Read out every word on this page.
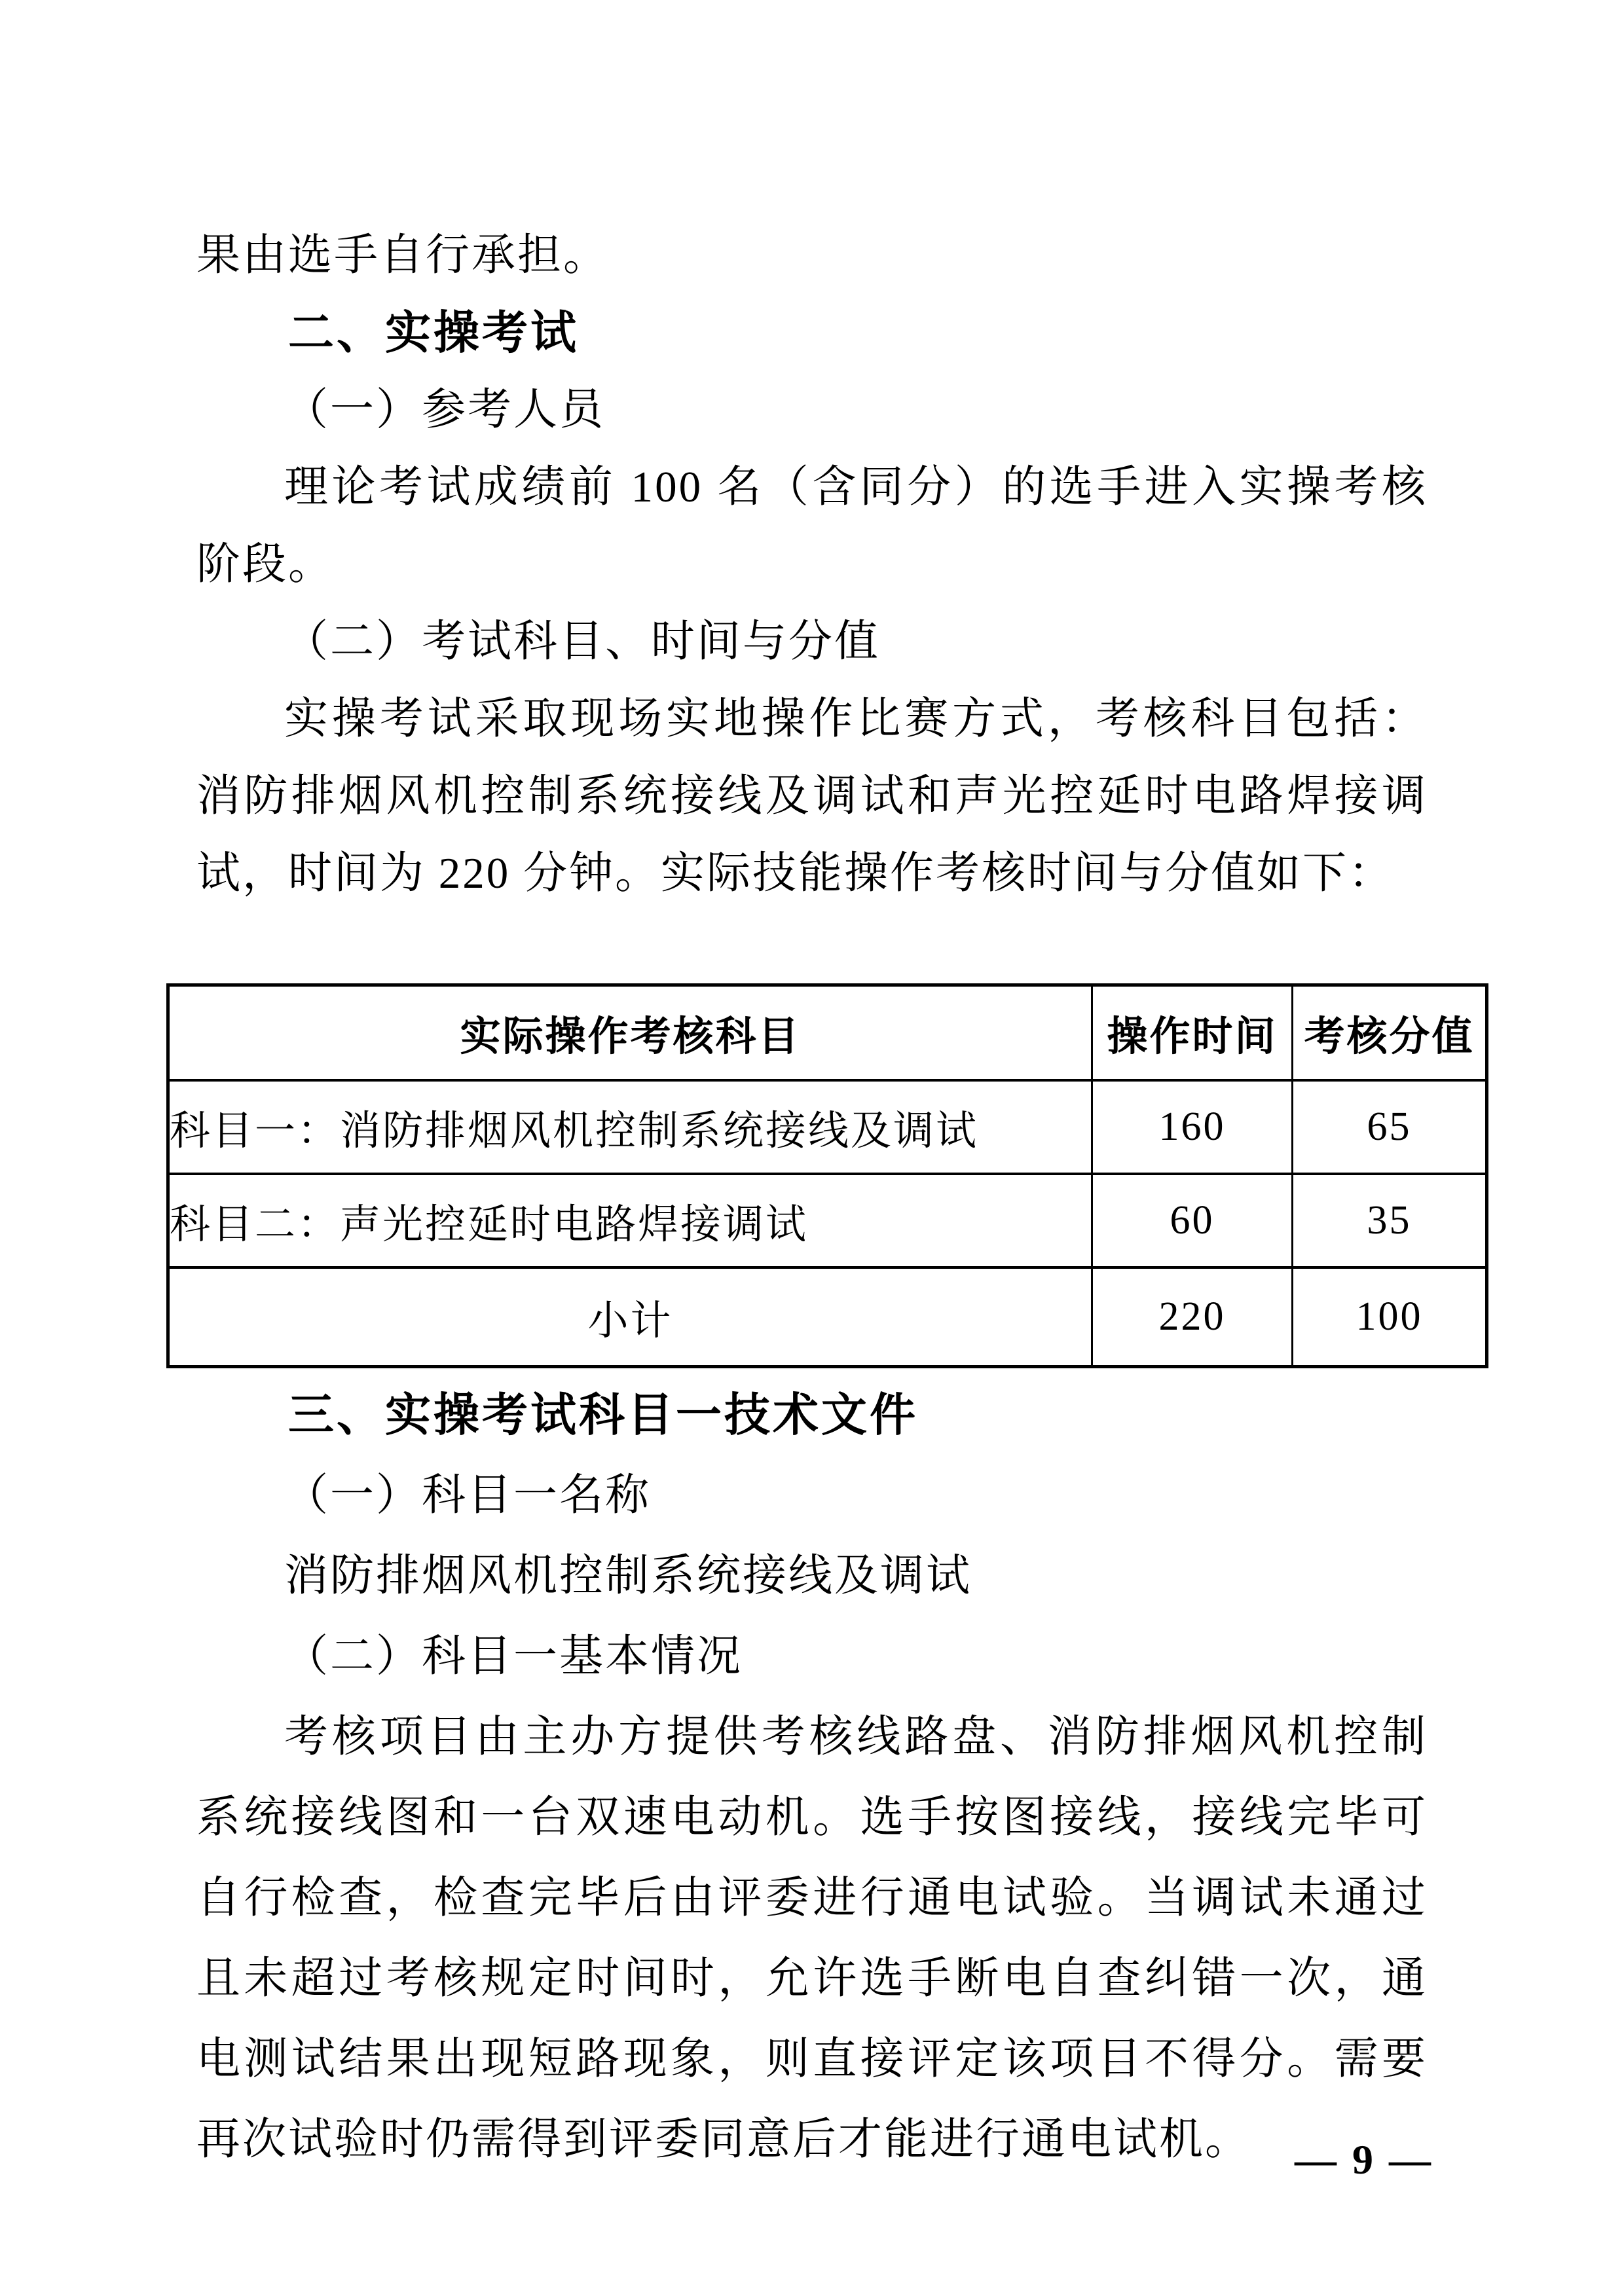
果由选手自行承担。

二、实操考试

（一）参考人员

理论考试成绩前 100 名（含同分）的选手进入实操考核阶段。

（二）考试科目、时间与分值

实操考试采取现场实地操作比赛方式，考核科目包括：消防排烟风机控制系统接线及调试和声光控延时电路焊接调试，时间为 220 分钟。实际技能操作考核时间与分值如下：

实际操作考核科目	操作时间	考核分值
科目一：消防排烟风机控制系统接线及调试	160	65
科目二：声光控延时电路焊接调试	60	35
小计	220	100

三、实操考试科目一技术文件

（一）科目一名称

消防排烟风机控制系统接线及调试

（二）科目一基本情况

考核项目由主办方提供考核线路盘、消防排烟风机控制系统接线图和一台双速电动机。选手按图接线，接线完毕可自行检查，检查完毕后由评委进行通电试验。当调试未通过且未超过考核规定时间时，允许选手断电自查纠错一次，通电测试结果出现短路现象，则直接评定该项目不得分。需要再次试验时仍需得到评委同意后才能进行通电试机。	— 9 —
